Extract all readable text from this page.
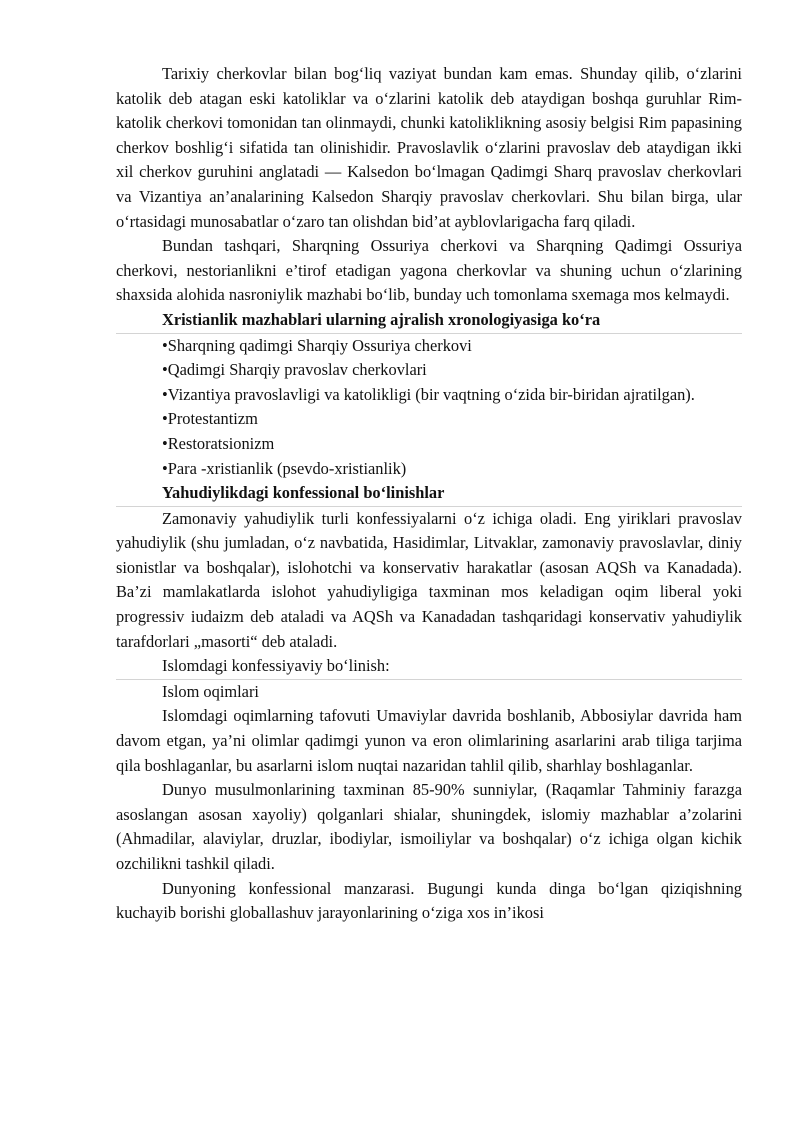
Tarixiy cherkovlar bilan bog‘liq vaziyat bundan kam emas. Shunday qilib, o‘zlarini katolik deb atagan eski katoliklar va o‘zlarini katolik deb ataydigan boshqa guruhlar Rim-katolik cherkovi tomonidan tan olinmaydi, chunki katoliklikning asosiy belgisi Rim papasining cherkov boshlig‘i sifatida tan olinishidir. Pravoslavlik o‘zlarini pravoslav deb ataydigan ikki xil cherkov guruhini anglatadi — Kalsedon bo‘lmagan Qadimgi Sharq pravoslav cherkovlari va Vizantiya an’analarining Kalsedon Sharqiy pravoslav cherkovlari. Shu bilan birga, ular o‘rtasidagi munosabatlar o‘zaro tan olishdan bid’at ayblovlarigacha farq qiladi.

Bundan tashqari, Sharqning Ossuriya cherkovi va Sharqning Qadimgi Ossuriya cherkovi, nestorianlikni e’tirof etadigan yagona cherkovlar va shuning uchun o‘zlarining shaxsida alohida nasroniylik mazhabi bo‘lib, bunday uch tomonlama sxemaga mos kelmaydi.

Xristianlik mazhablari ularning ajralish xronologiyasiga ko‘ra
•Sharqning qadimgi Sharqiy Ossuriya cherkovi
•Qadimgi Sharqiy pravoslav cherkovlari

•Vizantiya pravoslavligi va katolikligi (bir vaqtning o‘zida bir-biridan ajratilgan).

•Protestantizm
•Restoratsionizm
•Para -xristianlik (psevdo-xristianlik)
Yahudiylikdagi konfessional bo‘linishlar

Zamonaviy yahudiylik turli konfessiyalarni o‘z ichiga oladi. Eng yiriklari pravoslav yahudiylik (shu jumladan, o‘z navbatida, Hasidimlar, Litvaklar, zamonaviy pravoslavlar, diniy sionistlar va boshqalar), islohotchi va konservativ harakatlar (asosan AQSh va Kanadada). Ba’zi mamlakatlarda islohot yahudiyligiga taxminan mos keladigan oqim liberal yoki progressiv iudaizm deb ataladi va AQSh va Kanadadan tashqaridagi konservativ yahudiylik tarafdorlari „masorti“ deb ataladi.

Islomdagi konfessiyaviy bo‘linish:
Islom oqimlari

Islomdagi oqimlarning tafovuti Umaviylar davrida boshlanib, Abbosiylar davrida ham davom etgan, ya’ni olimlar qadimgi yunon va eron olimlarining asarlarini arab tiligа tarjima qila boshlaganlar, bu asarlarni islom nuqtai nazaridan tahlil qilib, sharhlay boshlaganlar.

Dunyo musulmonlarining taxminan 85-90% sunniylar, (Raqamlar Tahminiy farazga asoslangan asosan xayoliy) qolganlari shialar, shuningdek, islomiy mazhablar a’zolarini (Ahmadilar, alaviylar, druzlar, ibodiylar, ismoiliylar va boshqalar) o‘z ichiga olgan kichik ozchilikni tashkil qiladi.

Dunyoning konfessional manzarasi. Bugungi kunda dinga bo‘lgan qiziqishning kuchayib borishi globallashuv jarayonlarining o‘ziga xos in’ikosi
